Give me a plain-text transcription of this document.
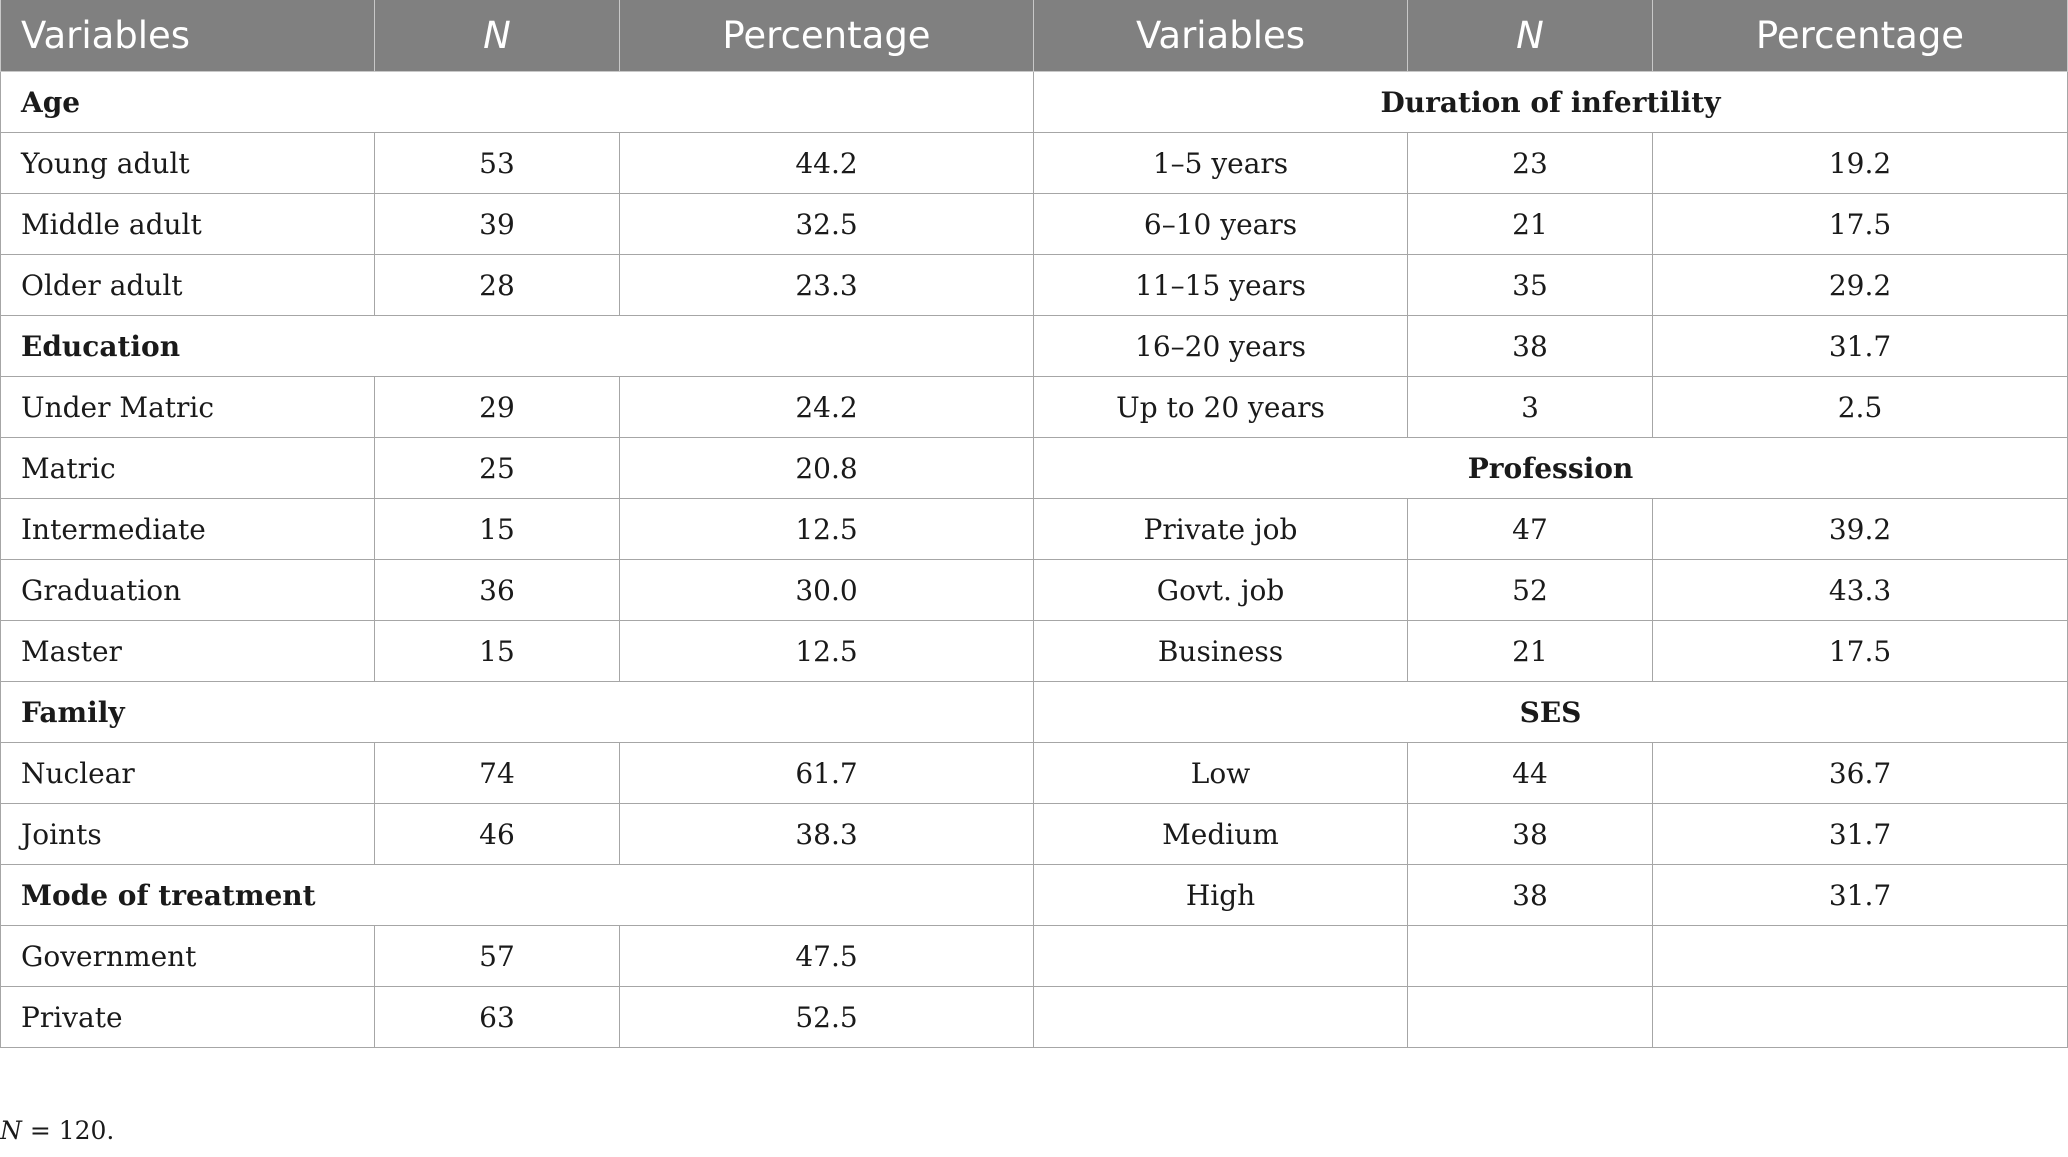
Variables	N	Percentage	Variables	N	Percentage
Age			Duration of infertility		
Young adult	53	44.2	1–5 years	23	19.2
Middle adult	39	32.5	6–10 years	21	17.5
Older adult	28	23.3	11–15 years	35	29.2
Education			16–20 years	38	31.7
Under Matric	29	24.2	Up to 20 years	3	2.5
Matric	25	20.8	Profession		
Intermediate	15	12.5	Private job	47	39.2
Graduation	36	30.0	Govt. job	52	43.3
Master	15	12.5	Business	21	17.5
Family			SES		
Nuclear	74	61.7	Low	44	36.7
Joints	46	38.3	Medium	38	31.7
Mode of treatment			High	38	31.7
Government	57	47.5			
Private	63	52.5			
N = 120.
